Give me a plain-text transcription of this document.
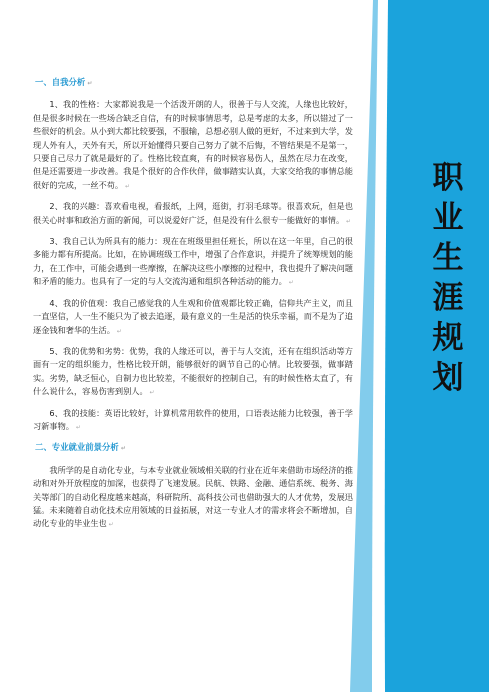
职
业
生
涯
规
划
一、自我分析 ↵
1、我的性格：大家都说我是一个活泼开朗的人，很善于与人交流，人缘也比较好，但是很多时候在一些场合缺乏自信，有的时候事情思考，总是考虑的太多，所以错过了一些很好的机会。从小到大都比较要强，不服输，总想必别人做的更好，不过来到大学，发现人外有人，天外有天，所以开始懂得只要自己努力了就不后悔，不管结果是不是第一，只要自己尽力了就是最好的了。性格比较直爽，有的时候容易伤人，虽然在尽力在改变，但是还需要进一步改善。我是个很好的合作伙伴，做事踏实认真，大家交给我的事情总能很好的完成，一丝不苟。 ↵
2、我的兴趣：喜欢看电视，看报纸，上网，逛街，打羽毛球等。很喜欢玩，但是也很关心时事和政治方面的新闻，可以说爱好广泛，但是没有什么很专一能做好的事情。 ↵
3、我自己认为所具有的能力：现在在班级里担任班长，所以在这一年里，自己的很多能力都有所提高。比如，在协调班级工作中，增强了合作意识，并提升了统筹规划的能力，在工作中，可能会遇到一些摩擦，在解决这些小摩擦的过程中，我也提升了解决问题和矛盾的能力。也具有了一定的与人交流沟通和组织各种活动的能力。 ↵
4、我的价值观：我自己感觉我的人生观和价值观都比较正确，信仰共产主义，而且一直坚信，人一生不能只为了被去追逐，最有意义的一生是活的快乐幸福，而不是为了追逐金钱和奢华的生活。 ↵
5、我的优势和劣势：优势，我的人缘还可以，善于与人交流，还有在组织活动等方面有一定的组织能力，性格比较开朗，能够很好的调节自己的心情。比较要强，做事踏实。劣势，缺乏恒心，自制力也比较差，不能很好的控制自己，有的时候性格太直了，有什么说什么，容易伤害到别人。 ↵
6、我的技能：英语比较好，计算机常用软件的使用，口语表达能力比较强，善于学习新事物。 ↵
二、专业就业前景分析 ↵
我所学的是自动化专业，与本专业就业领域相关联的行业在近年来借助市场经济的推动和对外开放程度的加深，也获得了飞速发展。民航、铁路、金融、通信系统、税务、海关等部门的自动化程度越来越高，科研院所、高科技公司也借助强大的人才优势，发展迅猛。未来随着自动化技术应用领域的日益拓展，对这一专业人才的需求将会不断增加，自动化专业的毕业生也 ↵
